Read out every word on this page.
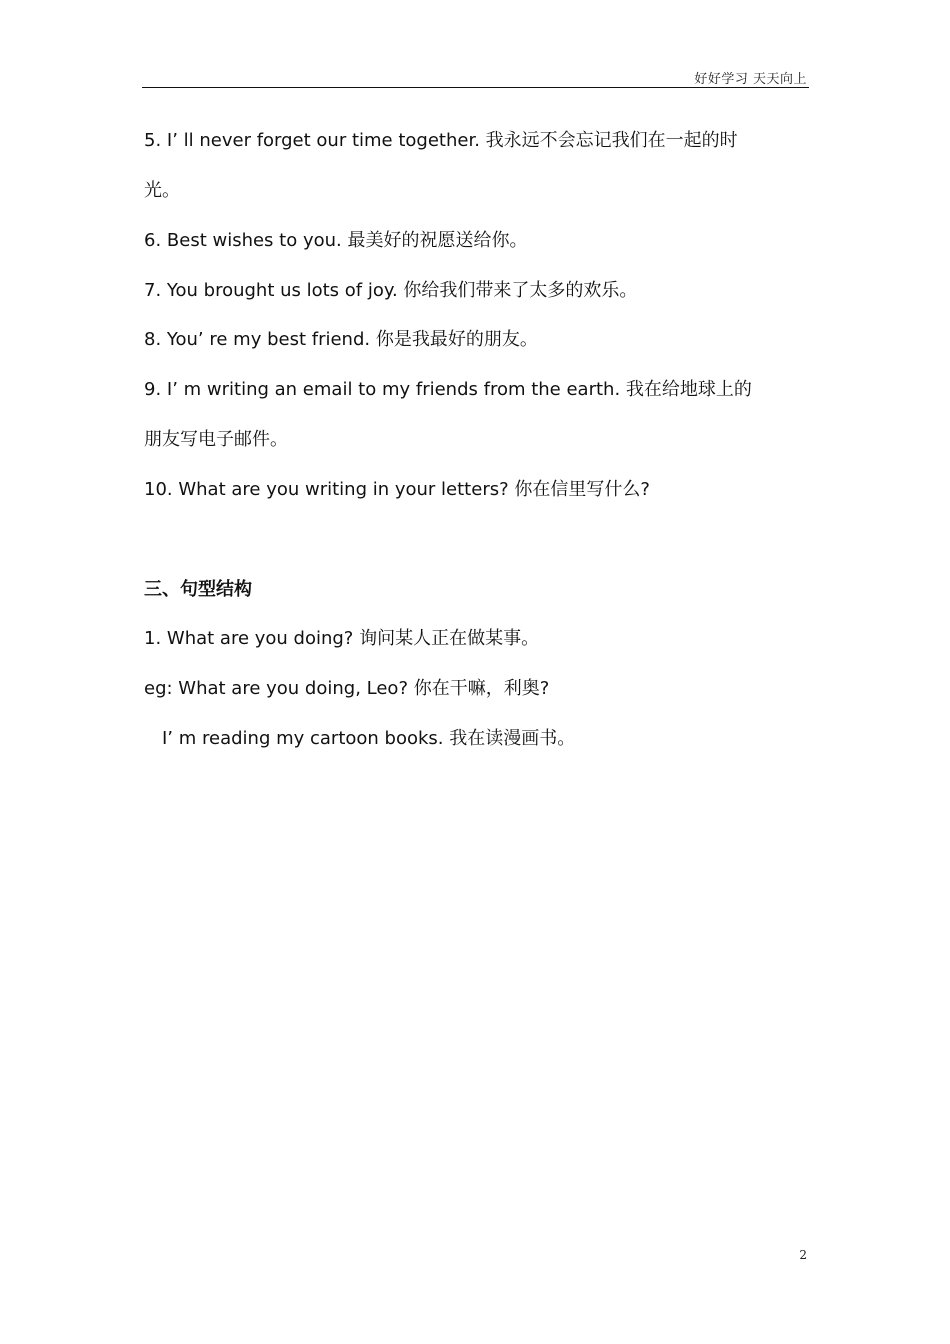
好好学习 天天向上
5. I’ ll never forget our time together. 我永远不会忘记我们在一起的时
光。
6. Best wishes to you. 最美好的祝愿送给你。
7. You brought us lots of joy. 你给我们带来了太多的欢乐。
8. You’ re my best friend. 你是我最好的朋友。
9. I’ m writing an email to my friends from the earth. 我在给地球上的
朋友写电子邮件。
10. What are you writing in your letters? 你在信里写什么?
三、句型结构
1. What are you doing? 询问某人正在做某事。
eg: What are you doing, Leo? 你在干嘛，利奥?
I’ m reading my cartoon books. 我在读漫画书。
2
